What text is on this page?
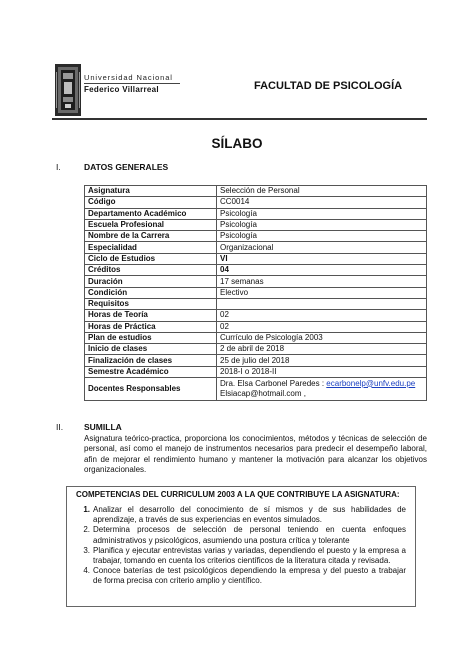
Universidad Nacional
Federico Villarreal	FACULTAD DE PSICOLOGÍA
SÍLABO
I.	DATOS GENERALES
Asignatura	Selección de Personal
Código	CC0014
Departamento Académico	Psicología
Escuela Profesional	Psicología
Nombre de la Carrera	Psicología
Especialidad	Organizacional
Ciclo de Estudios	VI
Créditos	04
Duración	17 semanas
Condición	Electivo
Requisitos	
Horas de Teoría	02
Horas de Práctica	02
Plan de estudios	Currículo de Psicología 2003
Inicio de clases	2 de abril de 2018
Finalización de clases	25 de julio del 2018
Semestre Académico	2018-I o 2018-II
Docentes Responsables	Dra. Elsa Carbonel Paredes : ecarbonelp@unfv.edu.pe
Elsiacap@hotmail.com ,
II. SUMILLA
Asignatura teórico-practica, proporciona los conocimientos, métodos y técnicas de selección de personal, así como el manejo de instrumentos necesarios para predecir el desempeño laboral, afin de mejorar el rendimiento humano y mantener la motivación para alcanzar los objetivos organizacionales.
COMPETENCIAS DEL CURRICULUM 2003 A LA QUE CONTRIBUYE LA ASIGNATURA:
1. Analizar el desarrollo del conocimiento de sí mismos y de sus habilidades de aprendizaje, a través de sus experiencias en eventos simulados.
2. Determina procesos de selección de personal teniendo en cuenta enfoques administrativos y psicológicos, asumiendo una postura crítica y tolerante
3. Planifica y ejecutar entrevistas varias y variadas, dependiendo el puesto y la empresa a trabajar, tomando en cuenta los criterios científicos de la literatura citada y revisada.
4. Conoce baterías de test psicológicos dependiendo la empresa y del puesto a trabajar de forma precisa con criterio amplio y científico.
